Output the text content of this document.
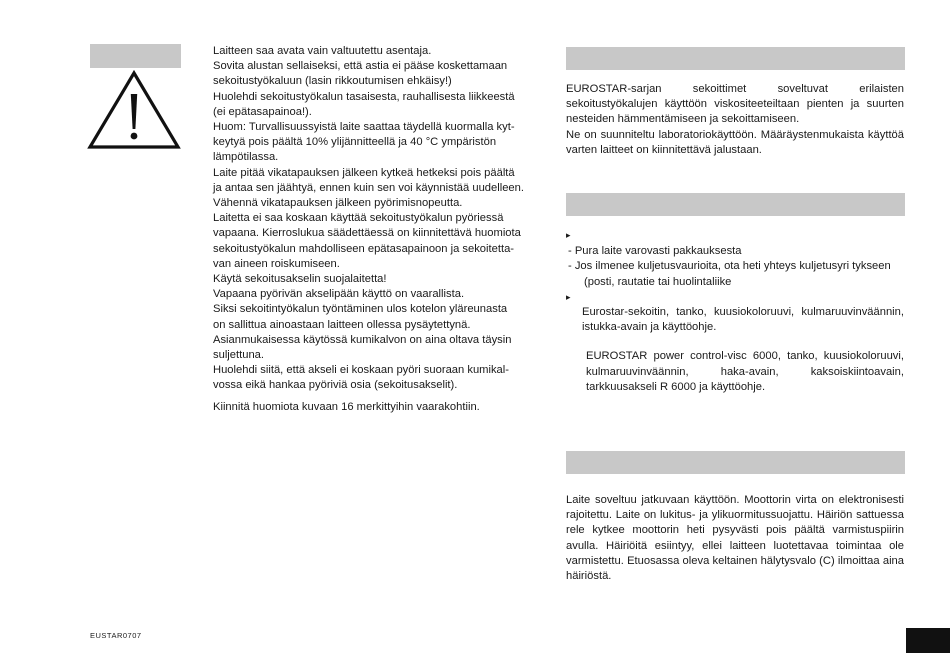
Laitteen saa avata vain valtuutettu asentaja.
Sovita alustan sellaiseksi, että astia ei pääse koskettamaan
sekoitustyökaluun (lasin rikkoutumisen ehkäisy!)
Huolehdi sekoitustyökalun tasaisesta, rauhallisesta liikkeestä
(ei epätasapainoa!).
Huom: Turvallisuussyistä laite saattaa täydellä kuormalla kyt-
keytyä pois päältä 10% ylijännitteellä ja 40 °C ympäristön
lämpötilassa.
Laite pitää vikatapauksen jälkeen kytkeä hetkeksi pois päältä
ja antaa sen jäähtyä, ennen kuin sen voi käynnistää uudelleen.
Vähennä vikatapauksen jälkeen pyörimisnopeutta.
Laitetta ei saa koskaan käyttää sekoitustyökalun pyöriessä
vapaana. Kierroslukua säädettäessä on kiinnitettävä huomiota
sekoitustyökalun mahdolliseen epätasapainoon ja sekoitetta-
van aineen roiskumiseen.
Käytä sekoitusakselin suojalaitetta!
Vapaana pyörivän akselipään käyttö on vaarallista.
Siksi sekoitintyökalun työntäminen ulos kotelon yläreunasta
on sallittua ainoastaan laitteen ollessa pysäytettynä.
Asianmukaisessa käytössä kumikalvon on aina oltava täysin
suljettuna.
Huolehdi siitä, että akseli ei koskaan pyöri suoraan kumikal-
vossa eikä hankaa pyöriviä osia (sekoitusakselit).

Kiinnitä huomiota kuvaan 16 merkittyihin vaarakohtiin.

EUROSTAR-sarjan sekoittimet soveltuvat erilaisten sekoitustyökalujen käyttöön viskositeeteiltaan pienten ja suurten nesteiden hämmentämiseen ja sekoittamiseen.

Ne on suunniteltu laboratoriokäyttöön. Määräystenmukaista käyttöä varten laitteet on kiinnitettävä jalustaan.

▸

- Pura laite varovasti pakkauksesta

- Jos ilmenee kuljetusvaurioita, ota heti yhteys kuljetusyri tykseen

(posti, rautatie tai huolintaliike

▸

Eurostar-sekoitin, tanko, kuusiokoloruuvi, kulmaruuvinväännin, istukka-avain ja käyttöohje.

EUROSTAR power control-visc 6000, tanko, kuusiokoloruuvi, kulmaruuvinväännin, haka-avain, kaksoiskiintoavain, tarkkuusakseli R 6000 ja käyttöohje.

Laite soveltuu jatkuvaan käyttöön. Moottorin virta on elektronisesti rajoitettu. Laite on lukitus- ja ylikuormitussuojattu. Häiriön sattuessa rele kytkee moottorin heti pysyvästi pois päältä varmistuspiirin avulla. Häiriöitä esiintyy, ellei laitteen luotettavaa toimintaa ole varmistettu. Etuosassa oleva keltainen hälytysvalo (C) ilmoittaa aina häiriöstä.

EUSTAR0707
